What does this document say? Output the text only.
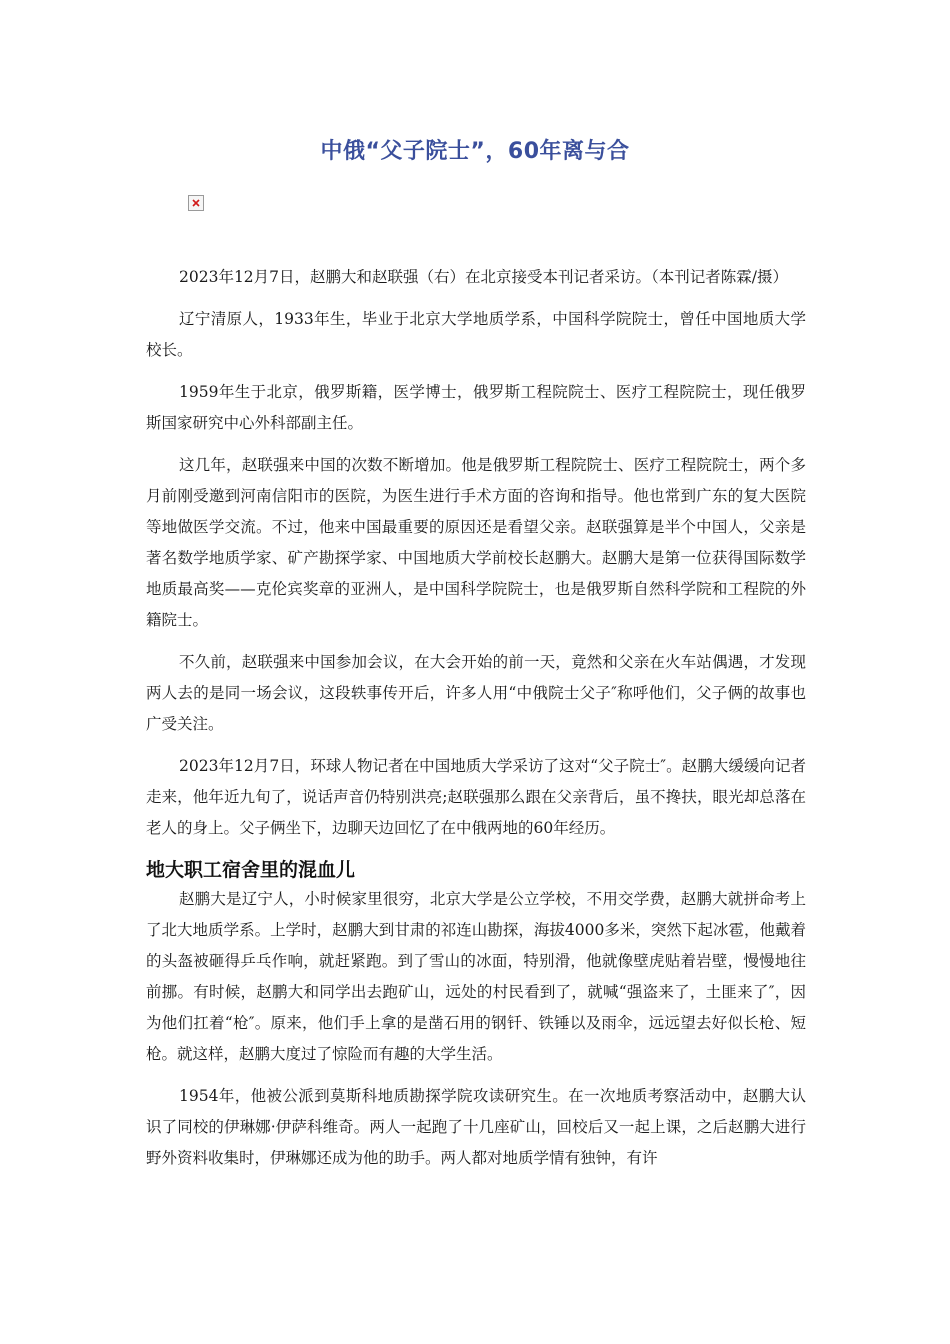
中俄“父子院士”，60年离与合

2023年12月7日，赵鹏大和赵联强（右）在北京接受本刊记者采访。（本刊记者陈霖/摄）

辽宁清原人，1933年生，毕业于北京大学地质学系，中国科学院院士，曾任中国地质大学校长。

1959年生于北京，俄罗斯籍，医学博士，俄罗斯工程院院士、医疗工程院院士，现任俄罗斯国家研究中心外科部副主任。

这几年，赵联强来中国的次数不断增加。他是俄罗斯工程院院士、医疗工程院院士，两个多月前刚受邀到河南信阳市的医院，为医生进行手术方面的咨询和指导。他也常到广东的复大医院等地做医学交流。不过，他来中国最重要的原因还是看望父亲。赵联强算是半个中国人，父亲是著名数学地质学家、矿产勘探学家、中国地质大学前校长赵鹏大。赵鹏大是第一位获得国际数学地质最高奖——克伦宾奖章的亚洲人，是中国科学院院士，也是俄罗斯自然科学院和工程院的外籍院士。

不久前，赵联强来中国参加会议，在大会开始的前一天，竟然和父亲在火车站偶遇，才发现两人去的是同一场会议，这段轶事传开后，许多人用“中俄院士父子″称呼他们，父子俩的故事也广受关注。

2023年12月7日，环球人物记者在中国地质大学采访了这对“父子院士″。赵鹏大缓缓向记者走来，他年近九旬了，说话声音仍特别洪亮;赵联强那么跟在父亲背后，虽不搀扶，眼光却总落在老人的身上。父子俩坐下，边聊天边回忆了在中俄两地的60年经历。

地大职工宿舍里的混血儿

赵鹏大是辽宁人，小时候家里很穷，北京大学是公立学校，不用交学费，赵鹏大就拼命考上了北大地质学系。上学时，赵鹏大到甘肃的祁连山勘探，海拔4000多米，突然下起冰雹，他戴着的头盔被砸得乒乓作响，就赶紧跑。到了雪山的冰面，特别滑，他就像壁虎贴着岩壁，慢慢地往前挪。有时候，赵鹏大和同学出去跑矿山，远处的村民看到了，就喊“强盗来了，土匪来了″，因为他们扛着“枪″。原来，他们手上拿的是凿石用的钢钎、铁锤以及雨伞，远远望去好似长枪、短枪。就这样，赵鹏大度过了惊险而有趣的大学生活。

1954年，他被公派到莫斯科地质勘探学院攻读研究生。在一次地质考察活动中，赵鹏大认识了同校的伊琳娜·伊萨科维奇。两人一起跑了十几座矿山，回校后又一起上课，之后赵鹏大进行野外资料收集时，伊琳娜还成为他的助手。两人都对地质学情有独钟，有许
